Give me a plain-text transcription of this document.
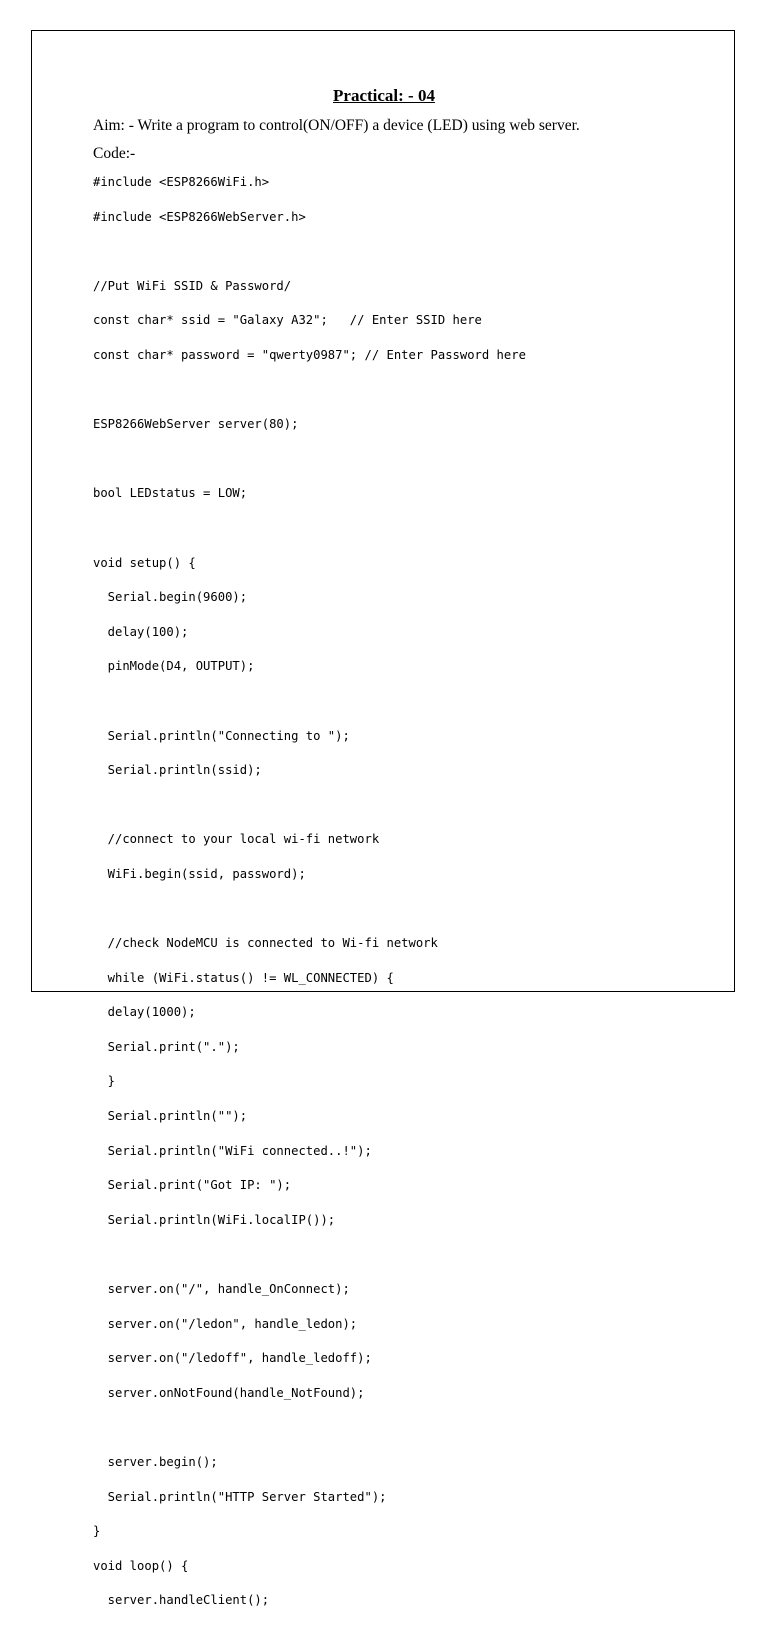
Practical: - 04
Aim: - Write a program to control(ON/OFF) a device (LED) using web server.
Code:-
#include <ESP8266WiFi.h>

#include <ESP8266WebServer.h>

//Put WiFi SSID & Password/

const char* ssid = "Galaxy A32";   // Enter SSID here

const char* password = "qwerty0987"; // Enter Password here

ESP8266WebServer server(80);

bool LEDstatus = LOW;

void setup() {

Serial.begin(9600);

delay(100);

pinMode(D4, OUTPUT);

Serial.println("Connecting to ");

Serial.println(ssid);

//connect to your local wi-fi network

WiFi.begin(ssid, password);

//check NodeMCU is connected to Wi-fi network

while (WiFi.status() != WL_CONNECTED) {

delay(1000);

Serial.print(".");

}

Serial.println("");

Serial.println("WiFi connected..!");

Serial.print("Got IP: ");

Serial.println(WiFi.localIP());

server.on("/", handle_OnConnect);

server.on("/ledon", handle_ledon);

server.on("/ledoff", handle_ledoff);

server.onNotFound(handle_NotFound);

server.begin();

Serial.println("HTTP Server Started");

}

void loop() {

server.handleClient();
